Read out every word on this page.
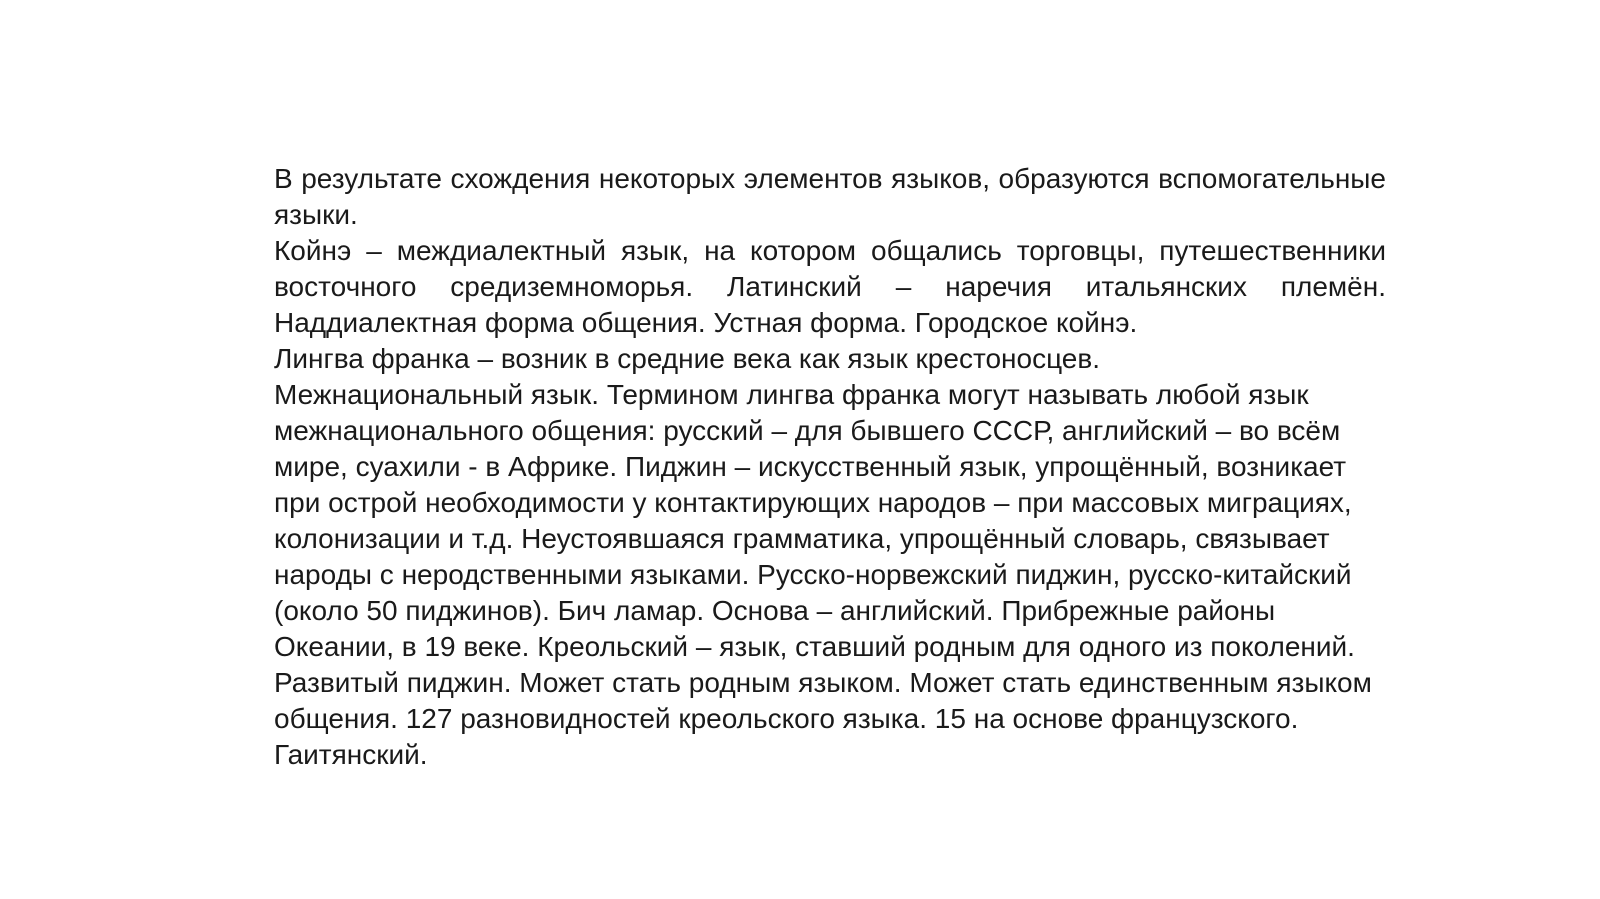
В результате схождения некоторых элементов языков, образуются вспомогательные языки.

Койнэ – междиалектный язык, на котором общались торговцы, путешественники восточного средиземноморья. Латинский – наречия итальянских племён. Наддиалектная форма общения. Устная форма. Городское койнэ.

Лингва франка – возник в средние века как язык крестоносцев.

Межнациональный язык. Термином лингва франка могут называть любой язык межнационального общения: русский – для бывшего СССР, английский – во всём мире, суахили - в Африке. Пиджин – искусственный язык, упрощённый, возникает при острой необходимости у контактирующих народов – при массовых миграциях, колонизации и т.д. Неустоявшаяся грамматика, упрощённый словарь, связывает народы с неродственными языками. Русско-норвежский пиджин, русско-китайский (около 50 пиджинов). Бич ламар. Основа – английский. Прибрежные районы Океании, в 19 веке. Креольский – язык, ставший родным для одного из поколений. Развитый пиджин. Может стать родным языком. Может стать единственным языком общения. 127 разновидностей креольского языка. 15 на основе французского. Гаитянский.
